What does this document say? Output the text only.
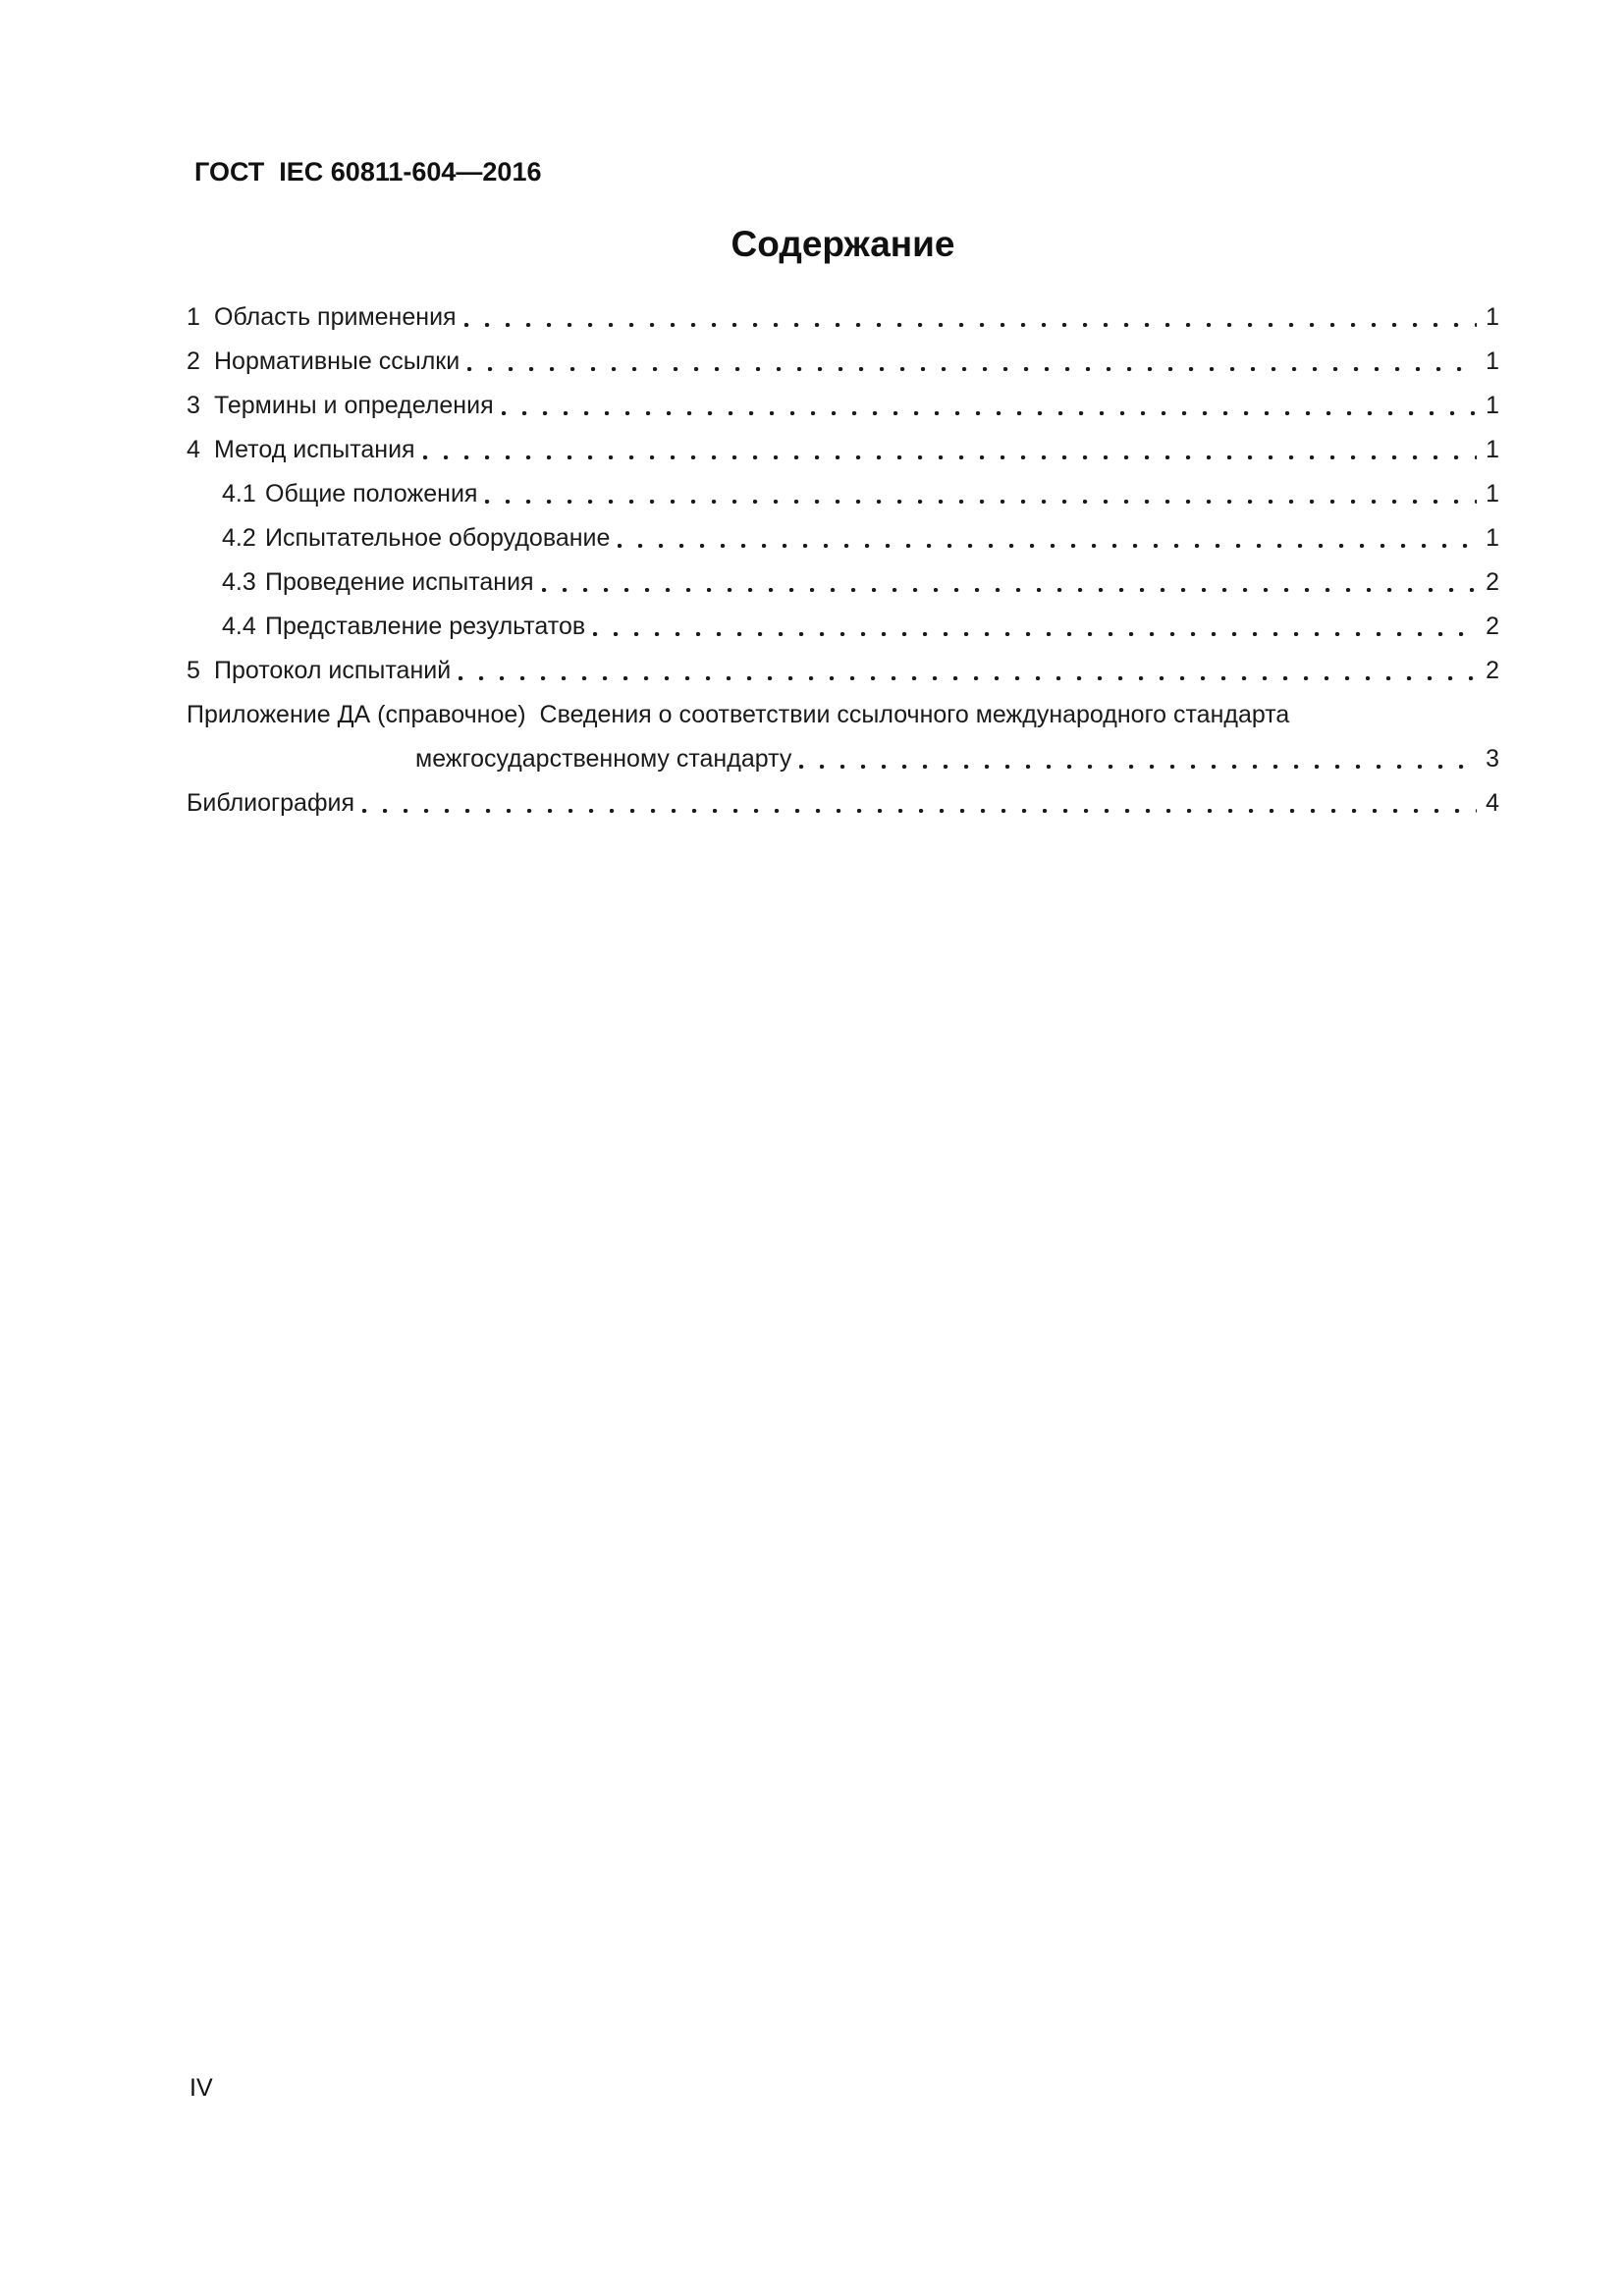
ГОСТ  IEC 60811-604—2016
Содержание
1 Область применения	1
2 Нормативные ссылки	1
3 Термины и определения	1
4 Метод испытания	1
4.1 Общие положения	1
4.2 Испытательное оборудование	1
4.3 Проведение испытания	2
4.4 Представление результатов	2
5 Протокол испытаний	2
Приложение ДА (справочное)  Сведения о соответствии ссылочного международного стандарта
межгосударственному стандарту	3
Библиография	4
IV
